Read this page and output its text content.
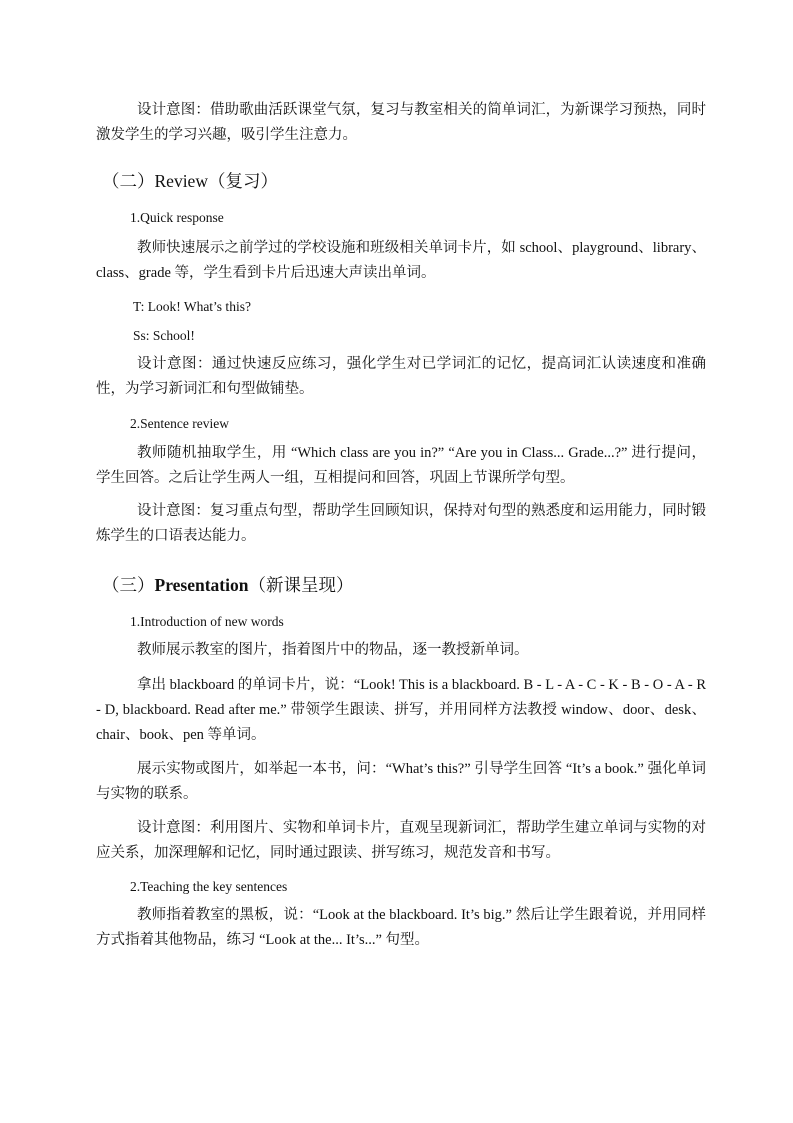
设计意图：借助歌曲活跃课堂气氛，复习与教室相关的简单词汇，为新课学习预热，同时激发学生的学习兴趣，吸引学生注意力。

（二）Review（复习）

1.Quick response

教师快速展示之前学过的学校设施和班级相关单词卡片，如 school、playground、library、class、grade 等，学生看到卡片后迅速大声读出单词。

T: Look! What’s this?

Ss: School!

设计意图：通过快速反应练习，强化学生对已学词汇的记忆，提高词汇认读速度和准确性，为学习新词汇和句型做铺垫。

2.Sentence review

教师随机抽取学生，用 “Which class are you in?” “Are you in Class... Grade...?” 进行提问，学生回答。之后让学生两人一组，互相提问和回答，巩固上节课所学句型。

设计意图：复习重点句型，帮助学生回顾知识，保持对句型的熟悉度和运用能力，同时锻炼学生的口语表达能力。

（三）Presentation（新课呈现）

1.Introduction of new words

教师展示教室的图片，指着图片中的物品，逐一教授新单词。

拿出 blackboard 的单词卡片，说：“Look! This is a blackboard. B - L - A - C - K - B - O - A - R - D, blackboard. Read after me.” 带领学生跟读、拼写，并用同样方法教授 window、door、desk、chair、book、pen 等单词。

展示实物或图片，如举起一本书，问：“What’s this?” 引导学生回答 “It’s a book.” 强化单词与实物的联系。

设计意图：利用图片、实物和单词卡片，直观呈现新词汇，帮助学生建立单词与实物的对应关系，加深理解和记忆，同时通过跟读、拼写练习，规范发音和书写。

2.Teaching the key sentences

教师指着教室的黑板，说：“Look at the blackboard. It’s big.” 然后让学生跟着说，并用同样方式指着其他物品，练习 “Look at the... It’s...” 句型。
